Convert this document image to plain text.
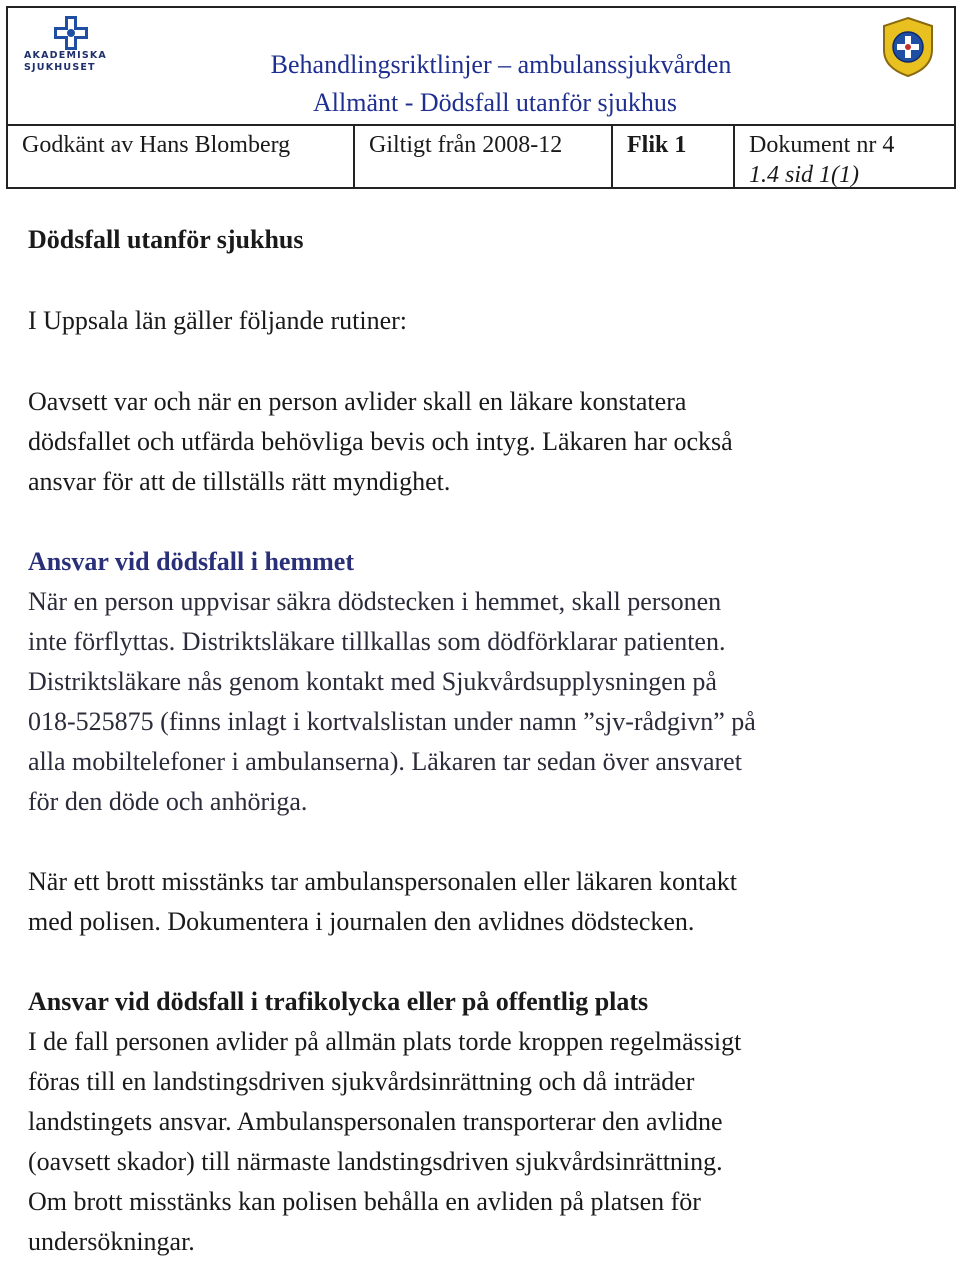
AKADEMISKA
SJUKHUSET	Behandlingsriktlinjer – ambulanssjukvården
Allmänt - Dödsfall utanför sjukhus
Godkänt av Hans Blomberg	Giltigt från 2008-12	Flik 1	Dokument nr 4
1.4 sid 1(1)
Dödsfall utanför sjukhus

I Uppsala län gäller följande rutiner:

Oavsett var och när en person avlider skall en läkare konstatera

dödsfallet och utfärda behövliga bevis och intyg. Läkaren har också

ansvar för att de tillställs rätt myndighet.

Ansvar vid dödsfall i hemmet

När en person uppvisar säkra dödstecken i hemmet, skall personen

inte förflyttas. Distriktsläkare tillkallas som dödförklarar patienten.

Distriktsläkare nås genom kontakt med Sjukvårdsupplysningen på

018-525875 (finns inlagt i kortvalslistan under namn ”sjv-rådgivn” på

alla mobiltelefoner i ambulanserna). Läkaren tar sedan över ansvaret

för den döde och anhöriga.

När ett brott misstänks tar ambulanspersonalen eller läkaren kontakt

med polisen. Dokumentera i journalen den avlidnes dödstecken.

Ansvar vid dödsfall i trafikolycka eller på offentlig plats

I de fall personen avlider på allmän plats torde kroppen regelmässigt

föras till en landstingsdriven sjukvårdsinrättning och då inträder

landstingets ansvar. Ambulanspersonalen transporterar den avlidne

(oavsett skador) till närmaste landstingsdriven sjukvårdsinrättning.

Om brott misstänks kan polisen behålla en avliden på platsen för

undersökningar.
